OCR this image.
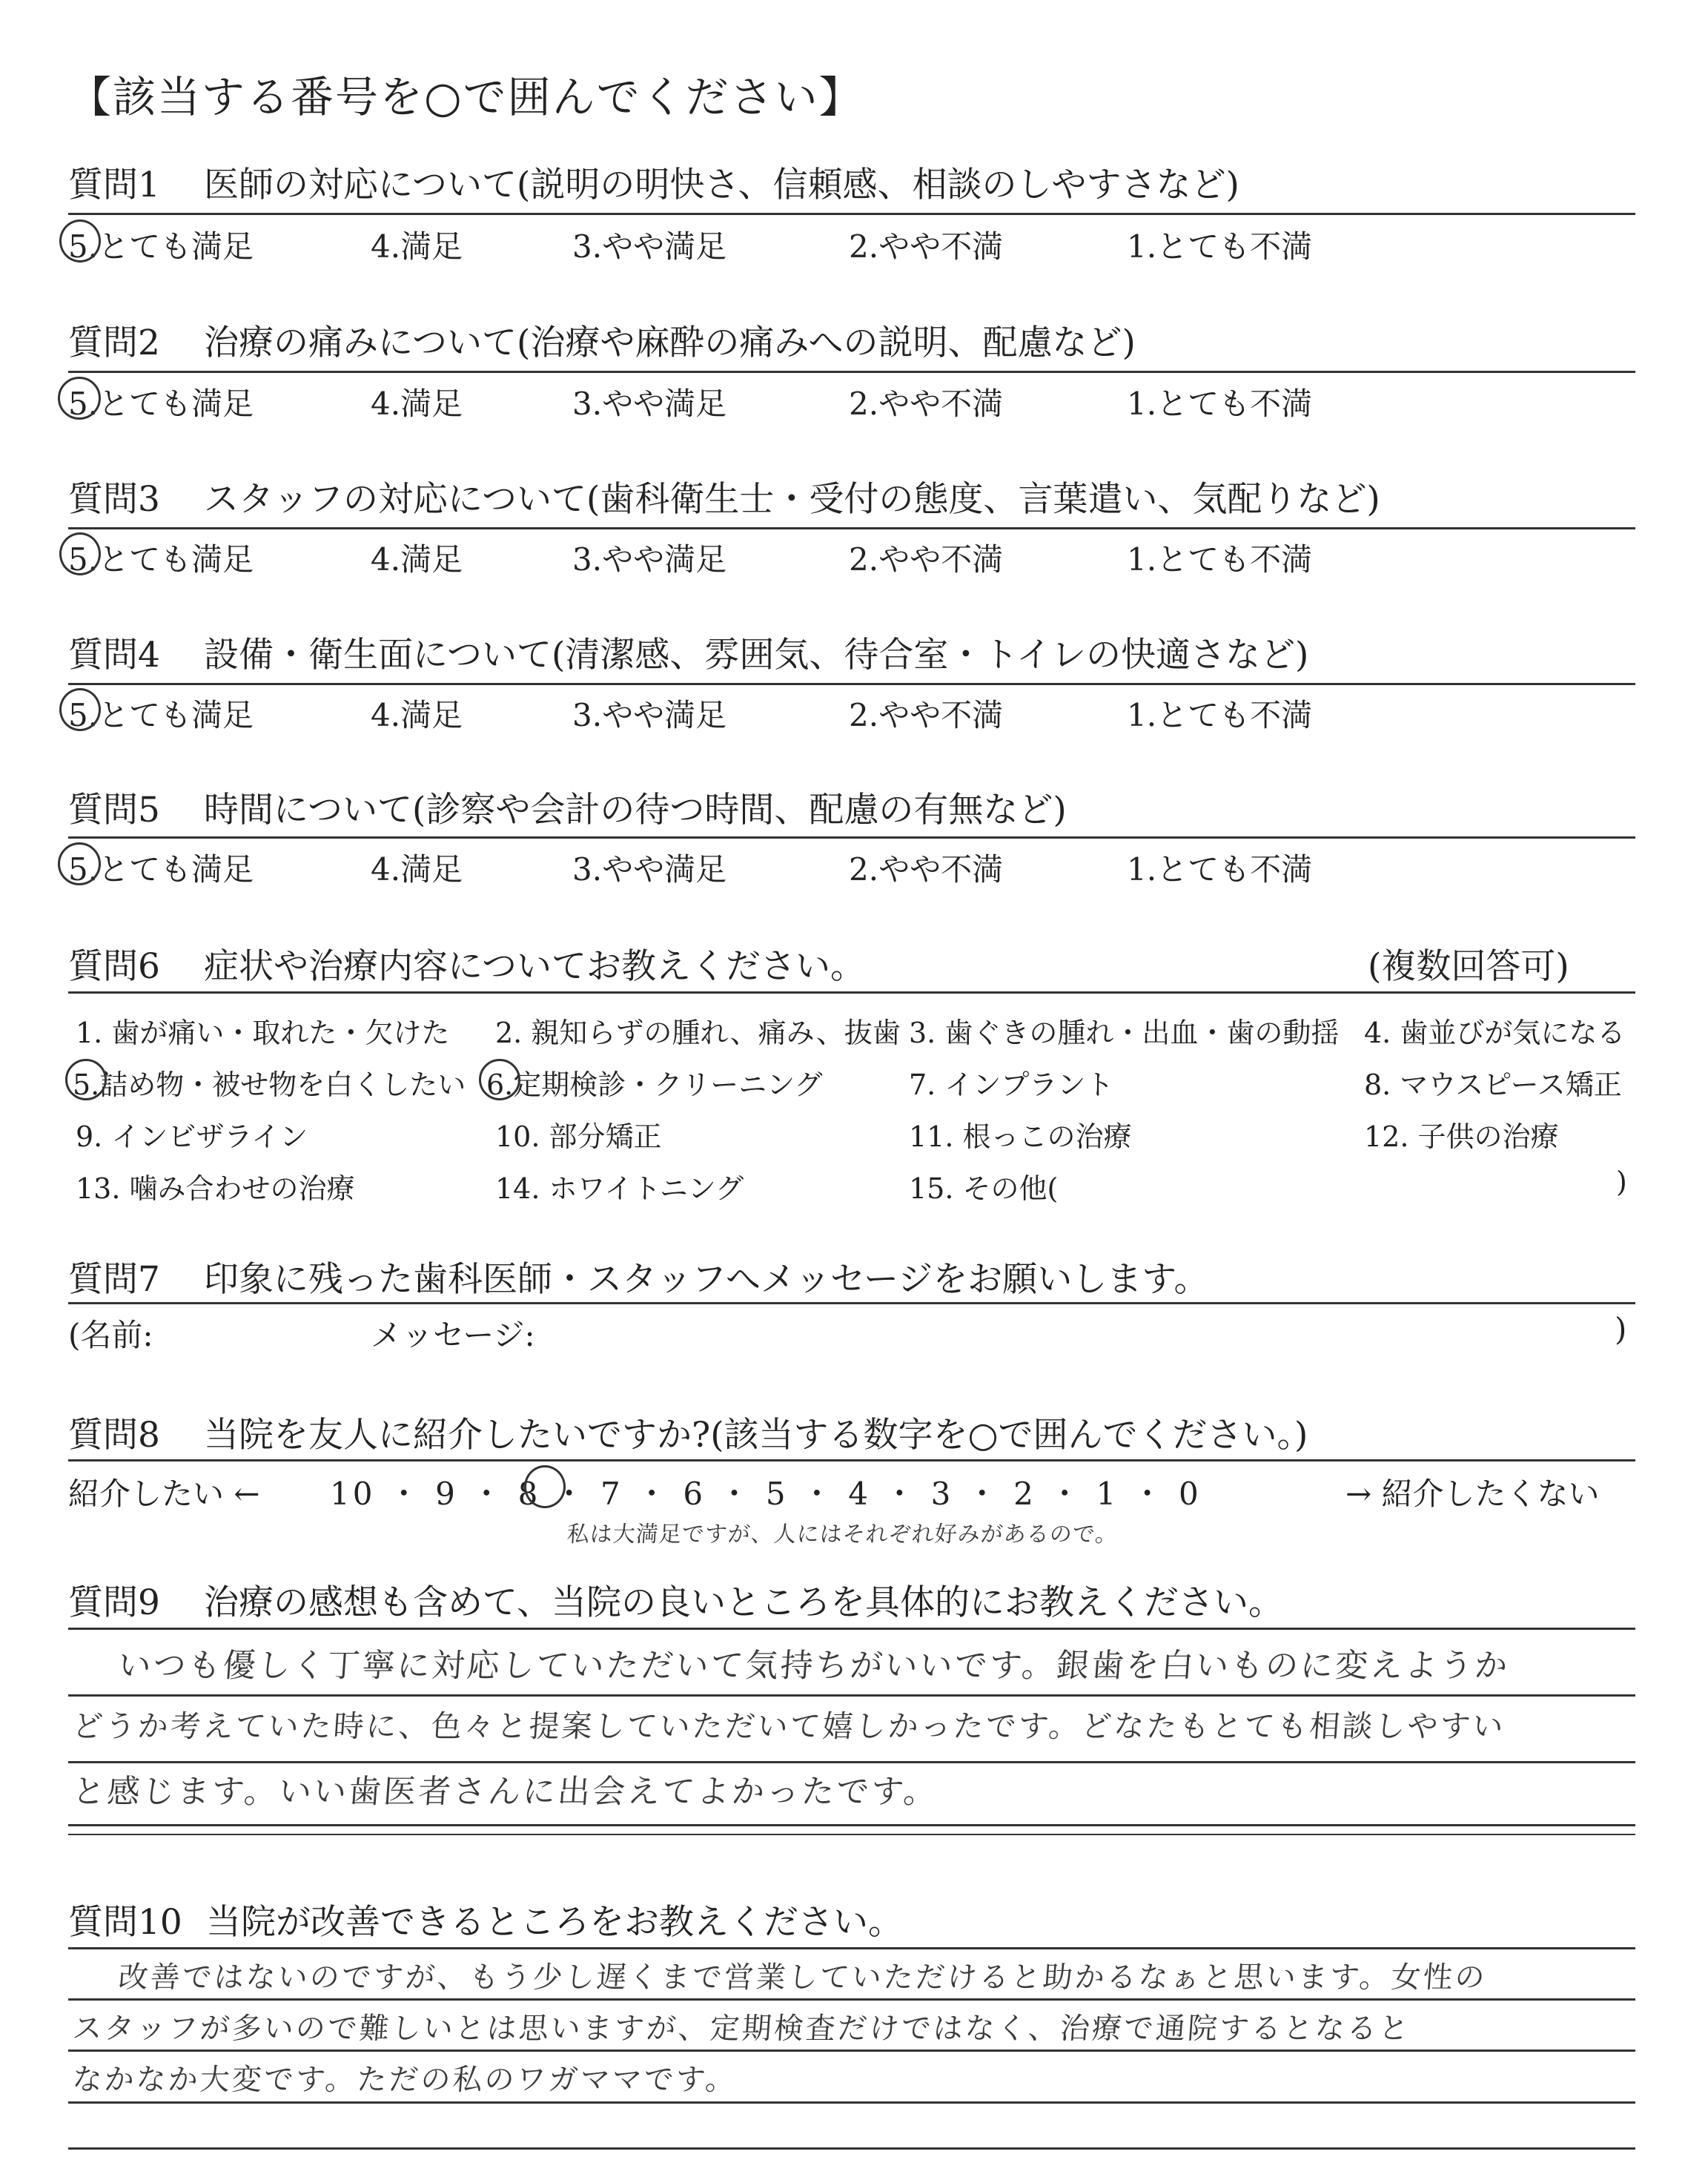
【該当する番号を○で囲んでください】
質問1 医師の対応について(説明の明快さ、信頼感、相談のしやすさなど)
5.とても満足	4.満足	3.やや満足	2.やや不満	1.とても不満
質問2 治療の痛みについて(治療や麻酔の痛みへの説明、配慮など)
5.とても満足	4.満足	3.やや満足	2.やや不満	1.とても不満
質問3 スタッフの対応について(歯科衛生士・受付の態度、言葉遣い、気配りなど)
5.とても満足	4.満足	3.やや満足	2.やや不満	1.とても不満
質問4 設備・衛生面について(清潔感、雰囲気、待合室・トイレの快適さなど)
5.とても満足	4.満足	3.やや満足	2.やや不満	1.とても不満
質問5 時間について(診察や会計の待つ時間、配慮の有無など)
5.とても満足	4.満足	3.やや満足	2.やや不満	1.とても不満
質問6 症状や治療内容についてお教えください。	(複数回答可)
1. 歯が痛い・取れた・欠けた 2. 親知らずの腫れ、痛み、抜歯 3. 歯ぐきの腫れ・出血・歯の動揺 4. 歯並びが気になる
5.詰め物・被せ物を白くしたい 6.定期検診・クリーニング	7. インプラント	8. マウスピース矯正
9. インビザライン	10. 部分矯正	11. 根っこの治療	12. 子供の治療
13. 噛み合わせの治療	14. ホワイトニング	15. その他(	)
質問7 印象に残った歯科医師・スタッフへメッセージをお願いします。
(名前:	メッセージ:	)
質問8 当院を友人に紹介したいですか?(該当する数字を○で囲んでください。)
紹介したい ← 10 ・ 9 ・ 8 ・ 7 ・ 6 ・ 5 ・ 4 ・ 3 ・ 2 ・ 1 ・ 0	→ 紹介したくない
私は大満足ですが、人にはそれぞれ好みがあるので。
質問9 治療の感想も含めて、当院の良いところを具体的にお教えください。
いつも優しく丁寧に対応していただいて気持ちがいいです。銀歯を白いものに変えようか
どうか考えていた時に、色々と提案していただいて嬉しかったです。どなたもとても相談しやすい
と感じます。いい歯医者さんに出会えてよかったです。
質問10 当院が改善できるところをお教えください。
改善ではないのですが、もう少し遅くまで営業していただけると助かるなぁと思います。女性の
スタッフが多いので難しいとは思いますが、定期検査だけではなく、治療で通院するとなると
なかなか大変です。ただの私のワガママです。
